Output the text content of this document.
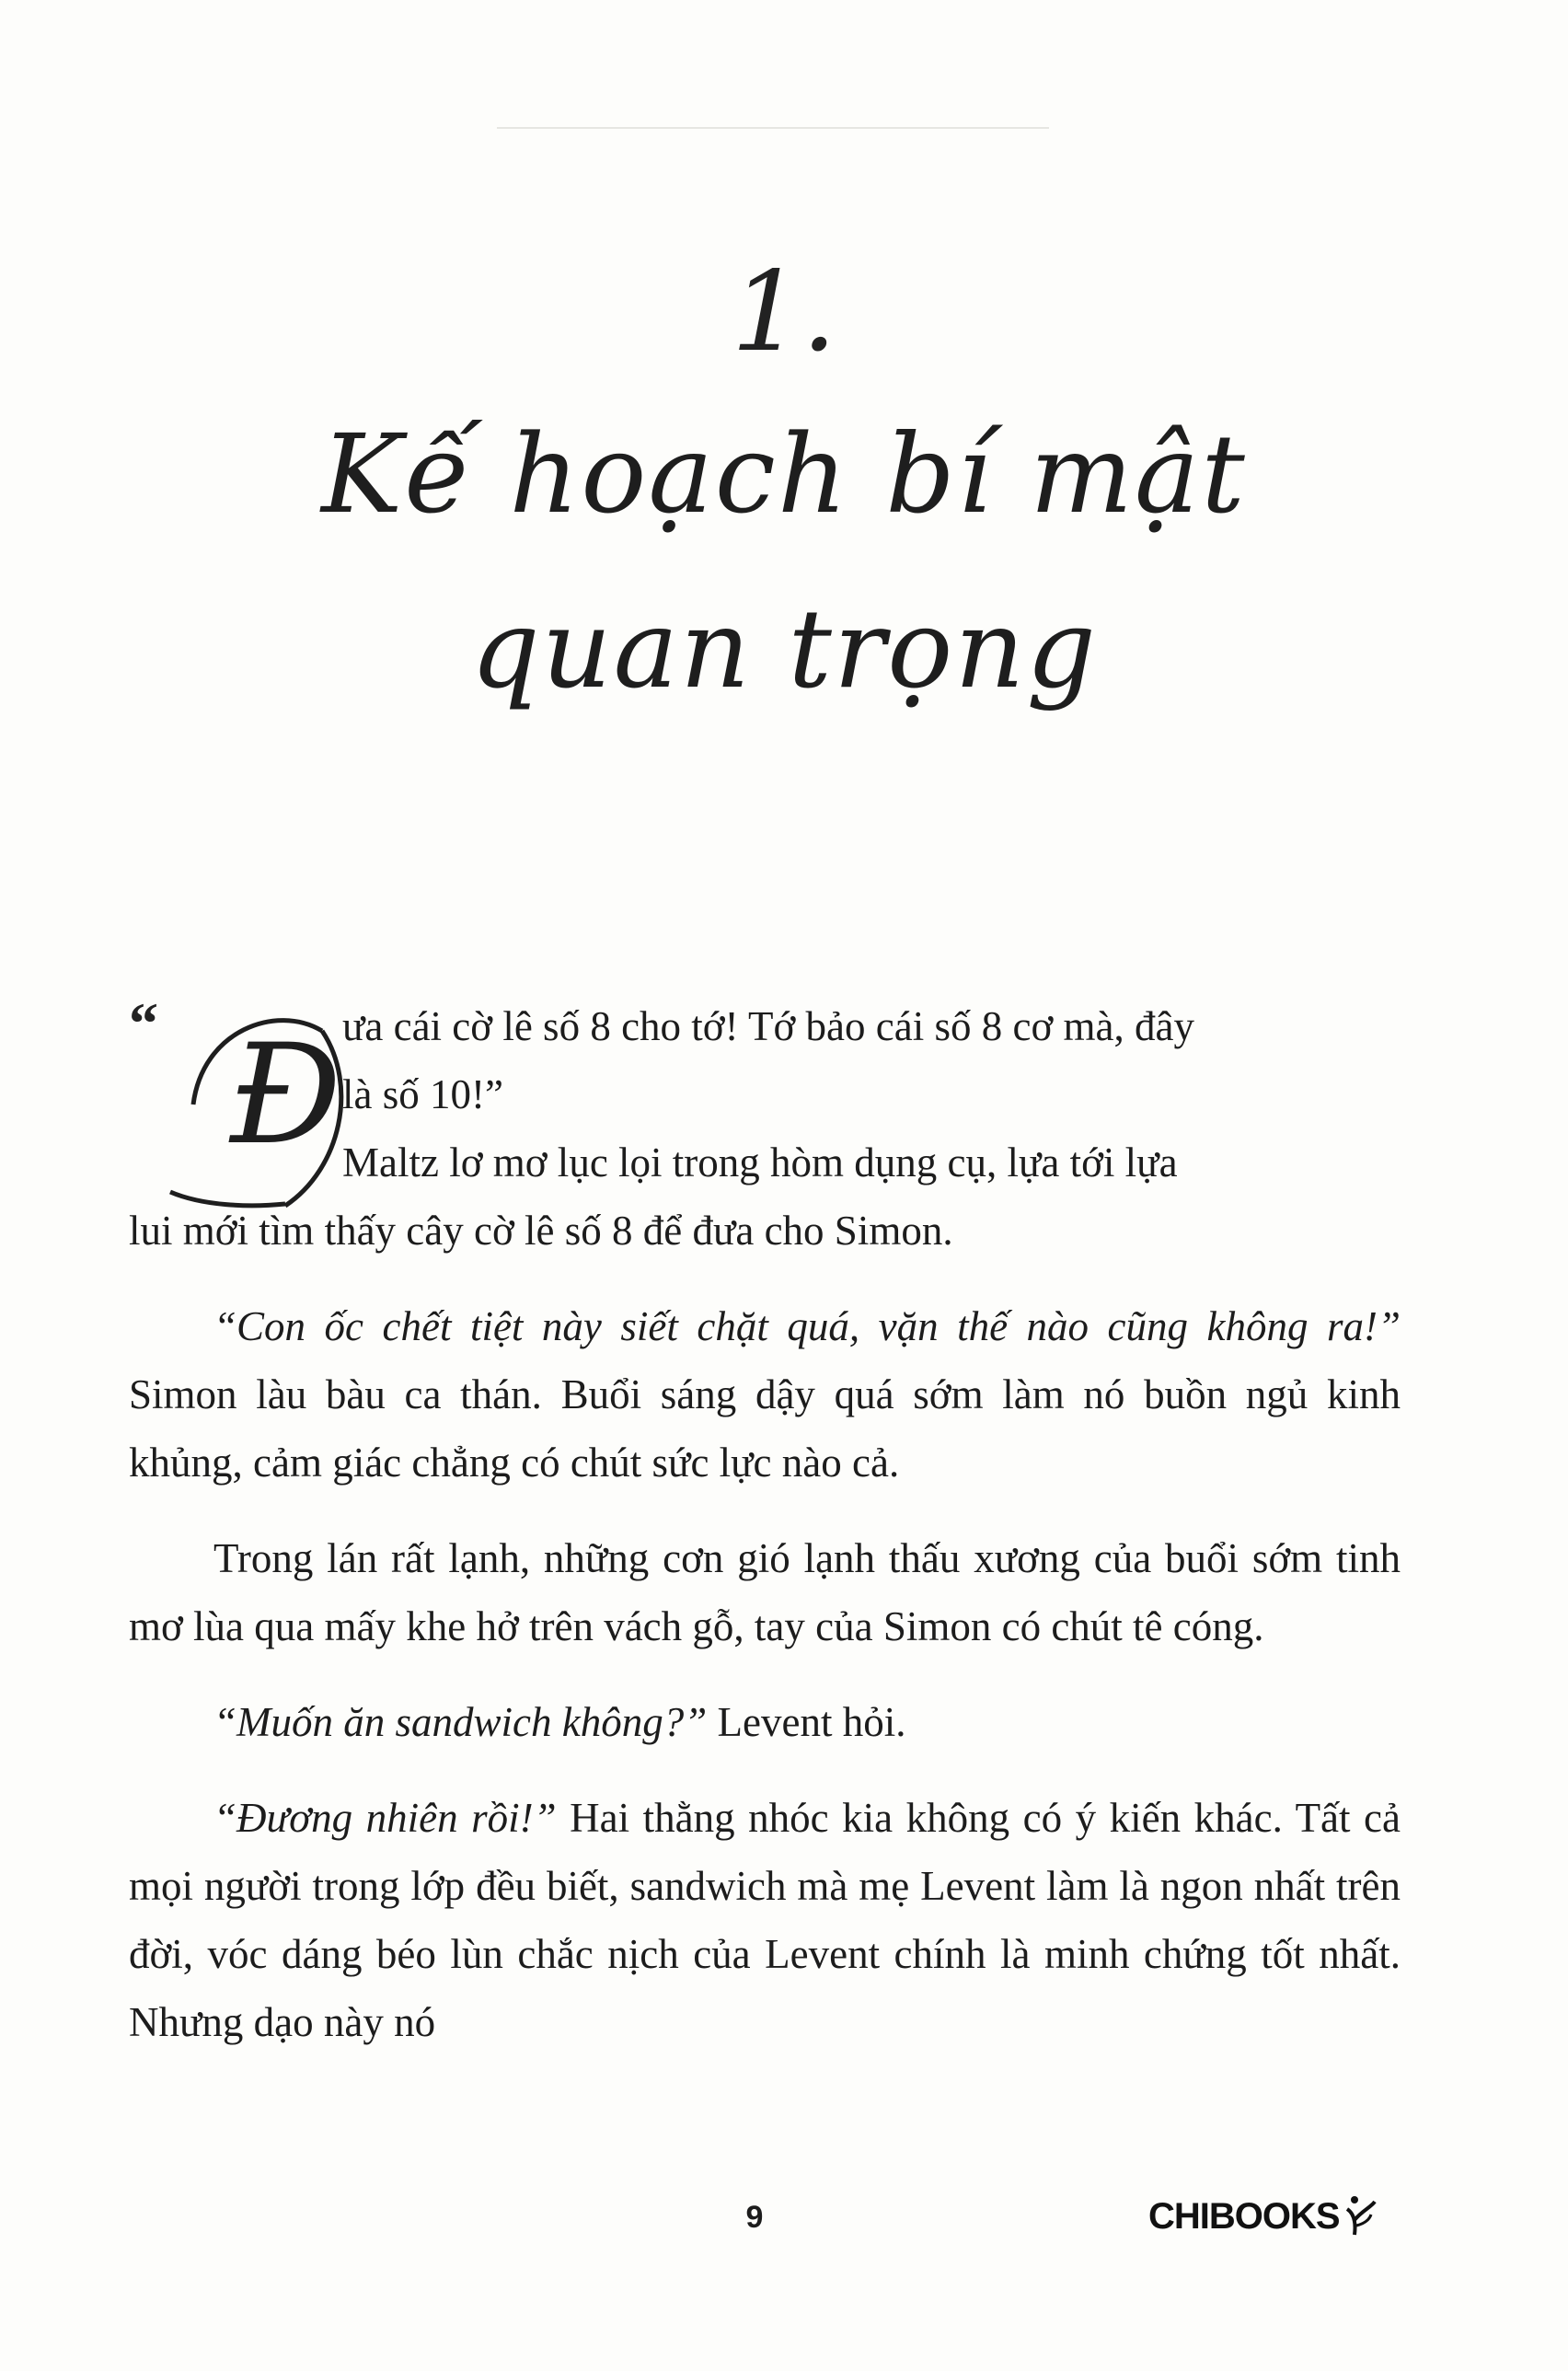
1.
Kế hoạch bí mật
quan trọng
“ Đ ưa cái cờ lê số 8 cho tớ! Tớ bảo cái số 8 cơ mà, đây
là số 10!”
Maltz lơ mơ lục lọi trong hòm dụng cụ, lựa tới lựa

lui mới tìm thấy cây cờ lê số 8 để đưa cho Simon.

“Con ốc chết tiệt này siết chặt quá, vặn thế nào cũng không ra!” Simon làu bàu ca thán. Buổi sáng dậy quá sớm làm nó buồn ngủ kinh khủng, cảm giác chẳng có chút sức lực nào cả.

Trong lán rất lạnh, những cơn gió lạnh thấu xương của buổi sớm tinh mơ lùa qua mấy khe hở trên vách gỗ, tay của Simon có chút tê cóng.

“Muốn ăn sandwich không?” Levent hỏi.

“Đương nhiên rồi!” Hai thằng nhóc kia không có ý kiến khác. Tất cả mọi người trong lớp đều biết, sandwich mà mẹ Levent làm là ngon nhất trên đời, vóc dáng béo lùn chắc nịch của Levent chính là minh chứng tốt nhất. Nhưng dạo này nó

9	CHIBOOKS
